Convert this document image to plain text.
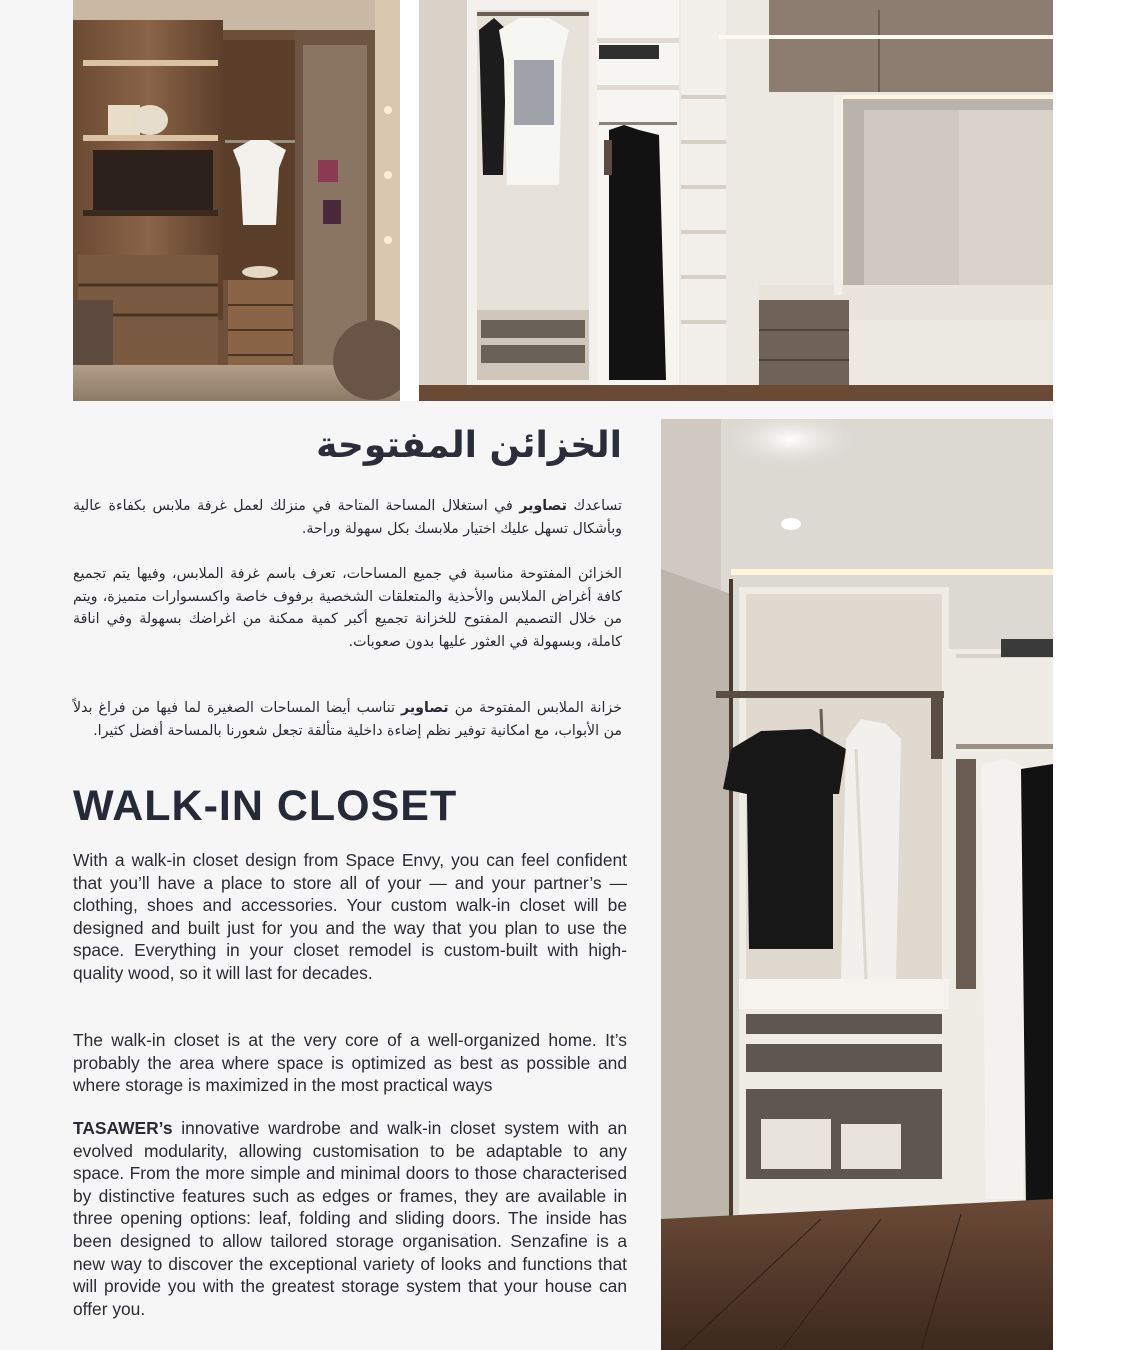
الخزائن المفتوحة

تساعدك تصاوير في استغلال المساحة المتاحة في منزلك لعمل غرفة ملابس بكفاءة عالية وبأشكال تسهل عليك اختيار ملابسك بكل سهولة وراحة.

الخزائن المفتوحة مناسبة في جميع المساحات، تعرف باسم غرفة الملابس، وفيها يتم تجميع كافة أغراض الملابس والأحذية والمتعلقات الشخصية برفوف خاصة واكسسوارات متميزة، ويتم من خلال التصميم المفتوح للخزانة تجميع أكبر كمية ممكنة من اغراضك بسهولة وفي اناقة كاملة، وبسهولة في العثور عليها بدون صعوبات.

خزانة الملابس المفتوحة من تصاوير تناسب أيضا المساحات الصغيرة لما فيها من فراغ بدلاً من الأبواب، مع امكانية توفير نظم إضاءة داخلية متألقة تجعل شعورنا بالمساحة أفضل كثيرا.

WALK-IN CLOSET

With a walk-in closet design from Space Envy, you can feel confident that you’ll have a place to store all of your — and your partner’s — clothing, shoes and accessories. Your custom walk-in closet will be designed and built just for you and the way that you plan to use the space. Everything in your closet remodel is custom-built with high-quality wood, so it will last for decades.

The walk-in closet is at the very core of a well-organized home. It’s probably the area where space is optimized as best as possible and where storage is maximized in the most practical ways

TASAWER’s innovative wardrobe and walk-in closet system with an evolved modularity, allowing customisation to be adaptable to any space. From the more simple and minimal doors to those characterised by distinctive features such as edges or frames, they are available in three opening options: leaf, folding and sliding doors. The inside has been designed to allow tailored storage organisation. Senzafine is a new way to discover the exceptional variety of looks and functions that will provide you with the greatest storage system that your house can offer you.
